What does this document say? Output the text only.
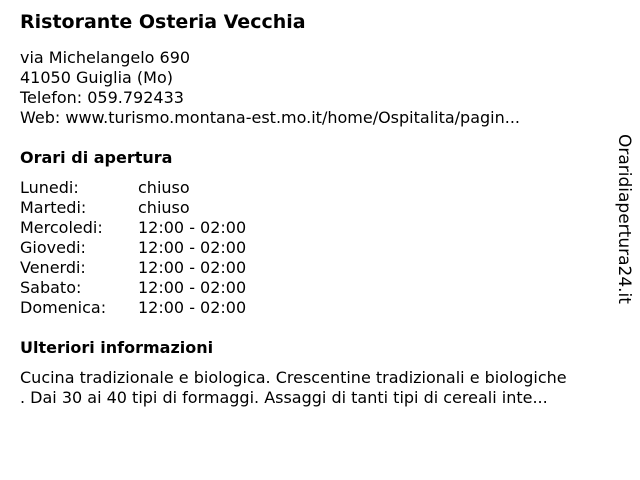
Ristorante Osteria Vecchia
via Michelangelo 690
41050 Guiglia (Mo)
Telefon: 059.792433
Web: www.turismo.montana-est.mo.it/home/Ospitalita/pagin...
Orari di apertura
Lunedi:	chiuso
Martedi:	chiuso
Mercoledi:	12:00 - 02:00
Giovedi:	12:00 - 02:00
Venerdi:	12:00 - 02:00
Sabato:	12:00 - 02:00
Domenica:	12:00 - 02:00
Ulteriori informazioni
Cucina tradizionale e biologica. Crescentine tradizionali e biologiche
. Dai 30 ai 40 tipi di formaggi. Assaggi di tanti tipi di cereali inte...
Oraridiapertura24.it
